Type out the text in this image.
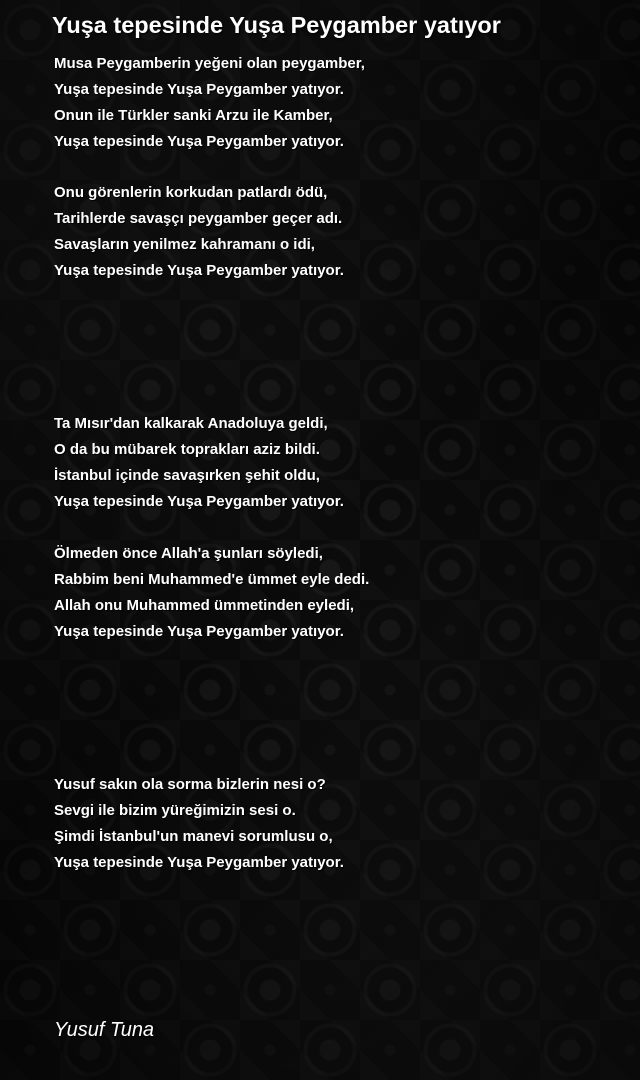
Yuşa tepesinde Yuşa Peygamber yatıyor
Musa Peygamberin yeğeni olan peygamber,
Yuşa tepesinde Yuşa Peygamber yatıyor.
Onun ile Türkler sanki Arzu ile Kamber,
Yuşa tepesinde Yuşa Peygamber yatıyor.
Onu görenlerin korkudan patlardı ödü,
Tarihlerde savaşçı peygamber geçer adı.
Savaşların yenilmez kahramanı o idi,
Yuşa tepesinde Yuşa Peygamber yatıyor.
Ta Mısır'dan kalkarak Anadoluya geldi,
O da bu mübarek toprakları aziz bildi.
İstanbul içinde savaşırken şehit oldu,
Yuşa tepesinde Yuşa Peygamber yatıyor.
Ölmeden önce Allah'a şunları söyledi,
Rabbim beni Muhammed'e ümmet eyle dedi.
Allah onu Muhammed ümmetinden eyledi,
Yuşa tepesinde Yuşa Peygamber yatıyor.
Yusuf sakın ola sorma bizlerin nesi o?
Sevgi ile bizim yüreğimizin sesi o.
Şimdi İstanbul'un manevi sorumlusu o,
Yuşa tepesinde Yuşa Peygamber yatıyor.
Yusuf Tuna
